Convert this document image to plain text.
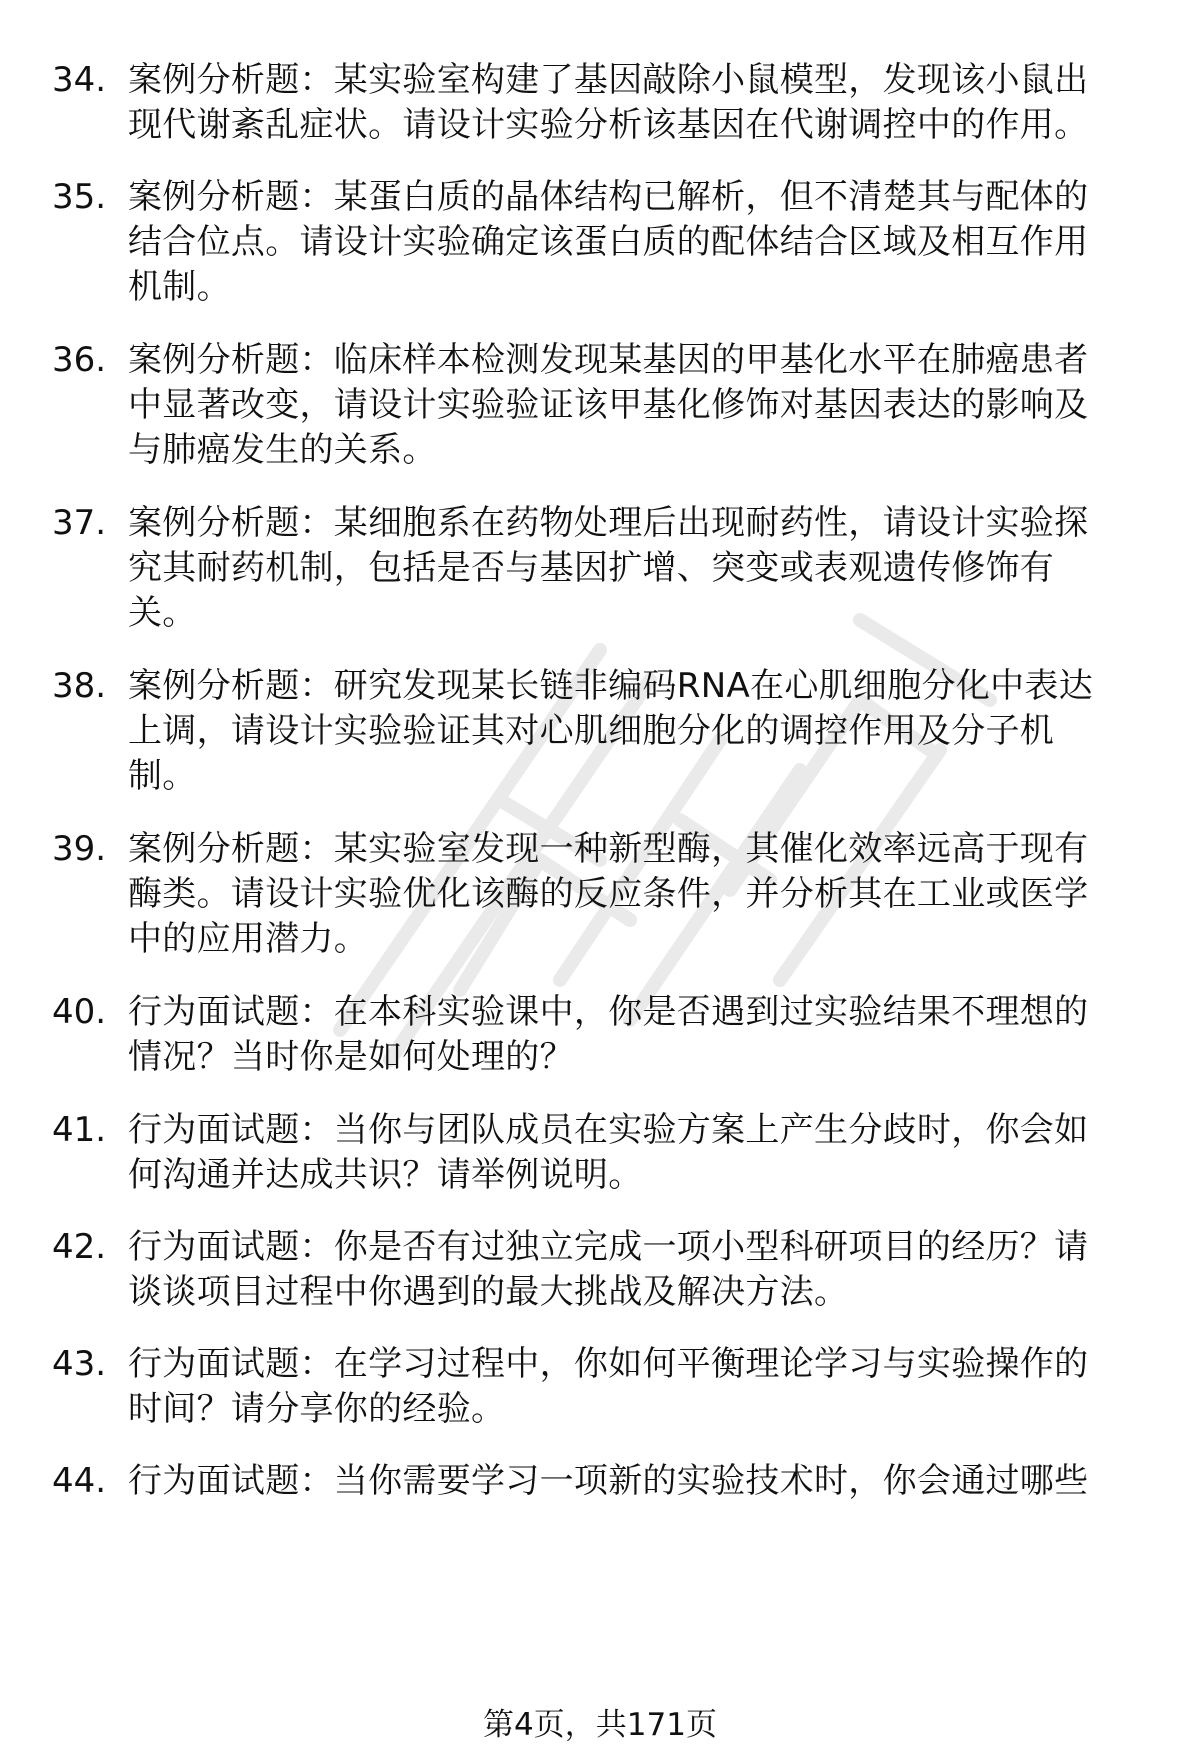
34. 案例分析题：某实验室构建了基因敲除小鼠模型，发现该小鼠出
现代谢紊乱症状。请设计实验分析该基因在代谢调控中的作用。
35. 案例分析题：某蛋白质的晶体结构已解析，但不清楚其与配体的
结合位点。请设计实验确定该蛋白质的配体结合区域及相互作用
机制。
36. 案例分析题：临床样本检测发现某基因的甲基化水平在肺癌患者
中显著改变，请设计实验验证该甲基化修饰对基因表达的影响及
与肺癌发生的关系。
37. 案例分析题：某细胞系在药物处理后出现耐药性，请设计实验探
究其耐药机制，包括是否与基因扩增、突变或表观遗传修饰有
关。
38. 案例分析题：研究发现某长链非编码RNA在心肌细胞分化中表达
上调，请设计实验验证其对心肌细胞分化的调控作用及分子机
制。
39. 案例分析题：某实验室发现一种新型酶，其催化效率远高于现有
酶类。请设计实验优化该酶的反应条件，并分析其在工业或医学
中的应用潜力。
40. 行为面试题：在本科实验课中，你是否遇到过实验结果不理想的
情况？当时你是如何处理的？
41. 行为面试题：当你与团队成员在实验方案上产生分歧时，你会如
何沟通并达成共识？请举例说明。
42. 行为面试题：你是否有过独立完成一项小型科研项目的经历？请
谈谈项目过程中你遇到的最大挑战及解决方法。
43. 行为面试题：在学习过程中，你如何平衡理论学习与实验操作的
时间？请分享你的经验。
44. 行为面试题：当你需要学习一项新的实验技术时，你会通过哪些
第4页，共171页
